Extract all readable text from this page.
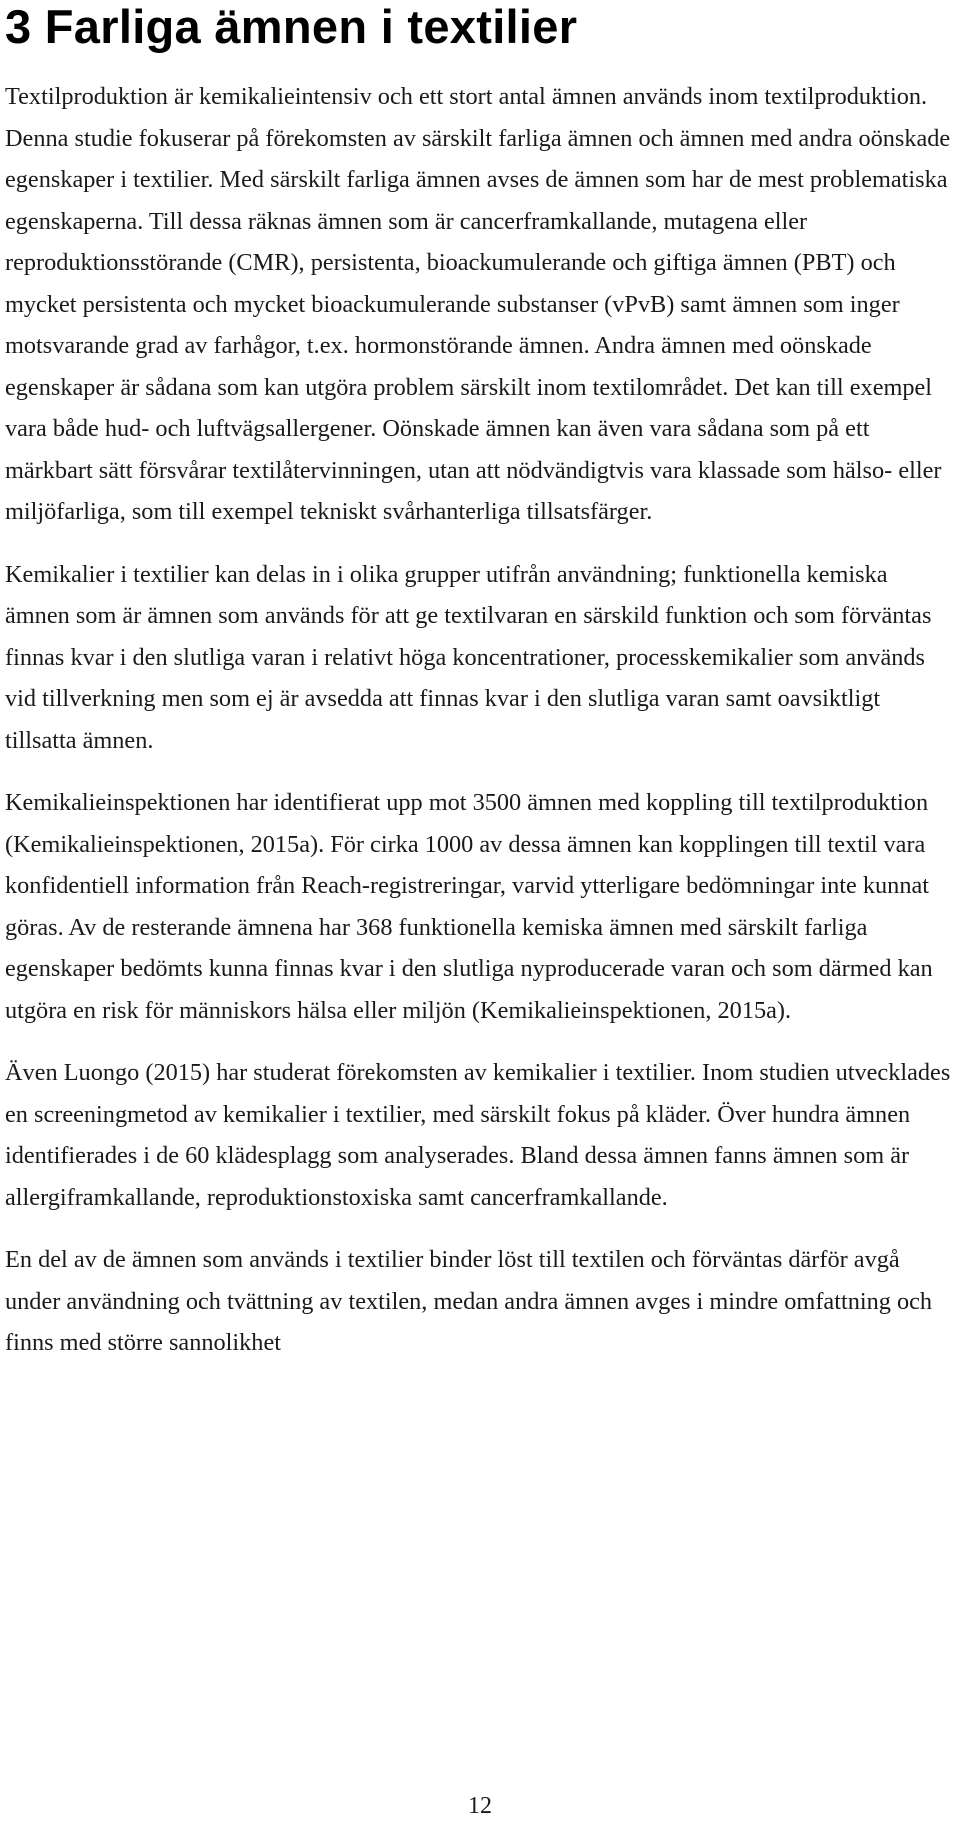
3 Farliga ämnen i textilier

Textilproduktion är kemikalieintensiv och ett stort antal ämnen används inom textilproduktion. Denna studie fokuserar på förekomsten av särskilt farliga ämnen och ämnen med andra oönskade egenskaper i textilier. Med särskilt farliga ämnen avses de ämnen som har de mest problematiska egenskaperna. Till dessa räknas ämnen som är cancerframkallande, mutagena eller reproduktionsstörande (CMR), persistenta, bioackumulerande och giftiga ämnen (PBT) och mycket persistenta och mycket bioackumulerande substanser (vPvB) samt ämnen som inger motsvarande grad av farhågor, t.ex. hormonstörande ämnen. Andra ämnen med oönskade egenskaper är sådana som kan utgöra problem särskilt inom textilområdet. Det kan till exempel vara både hud- och luftvägsallergener. Oönskade ämnen kan även vara sådana som på ett märkbart sätt försvårar textilåtervinningen, utan att nödvändigtvis vara klassade som hälso- eller miljöfarliga, som till exempel tekniskt svårhanterliga tillsatsfärger.

Kemikalier i textilier kan delas in i olika grupper utifrån användning; funktionella kemiska ämnen som är ämnen som används för att ge textilvaran en särskild funktion och som förväntas finnas kvar i den slutliga varan i relativt höga koncentrationer, processkemikalier som används vid tillverkning men som ej är avsedda att finnas kvar i den slutliga varan samt oavsiktligt tillsatta ämnen.

Kemikalieinspektionen har identifierat upp mot 3500 ämnen med koppling till textilproduktion (Kemikalieinspektionen, 2015a). För cirka 1000 av dessa ämnen kan kopplingen till textil vara konfidentiell information från Reach-registreringar, varvid ytterligare bedömningar inte kunnat göras. Av de resterande ämnena har 368 funktionella kemiska ämnen med särskilt farliga egenskaper bedömts kunna finnas kvar i den slutliga nyproducerade varan och som därmed kan utgöra en risk för människors hälsa eller miljön (Kemikalieinspektionen, 2015a).

Även Luongo (2015) har studerat förekomsten av kemikalier i textilier. Inom studien utvecklades en screeningmetod av kemikalier i textilier, med särskilt fokus på kläder. Över hundra ämnen identifierades i de 60 klädesplagg som analyserades. Bland dessa ämnen fanns ämnen som är allergiframkallande, reproduktionstoxiska samt cancerframkallande.

En del av de ämnen som används i textilier binder löst till textilen och förväntas därför avgå under användning och tvättning av textilen, medan andra ämnen avges i mindre omfattning och finns med större sannolikhet

12
